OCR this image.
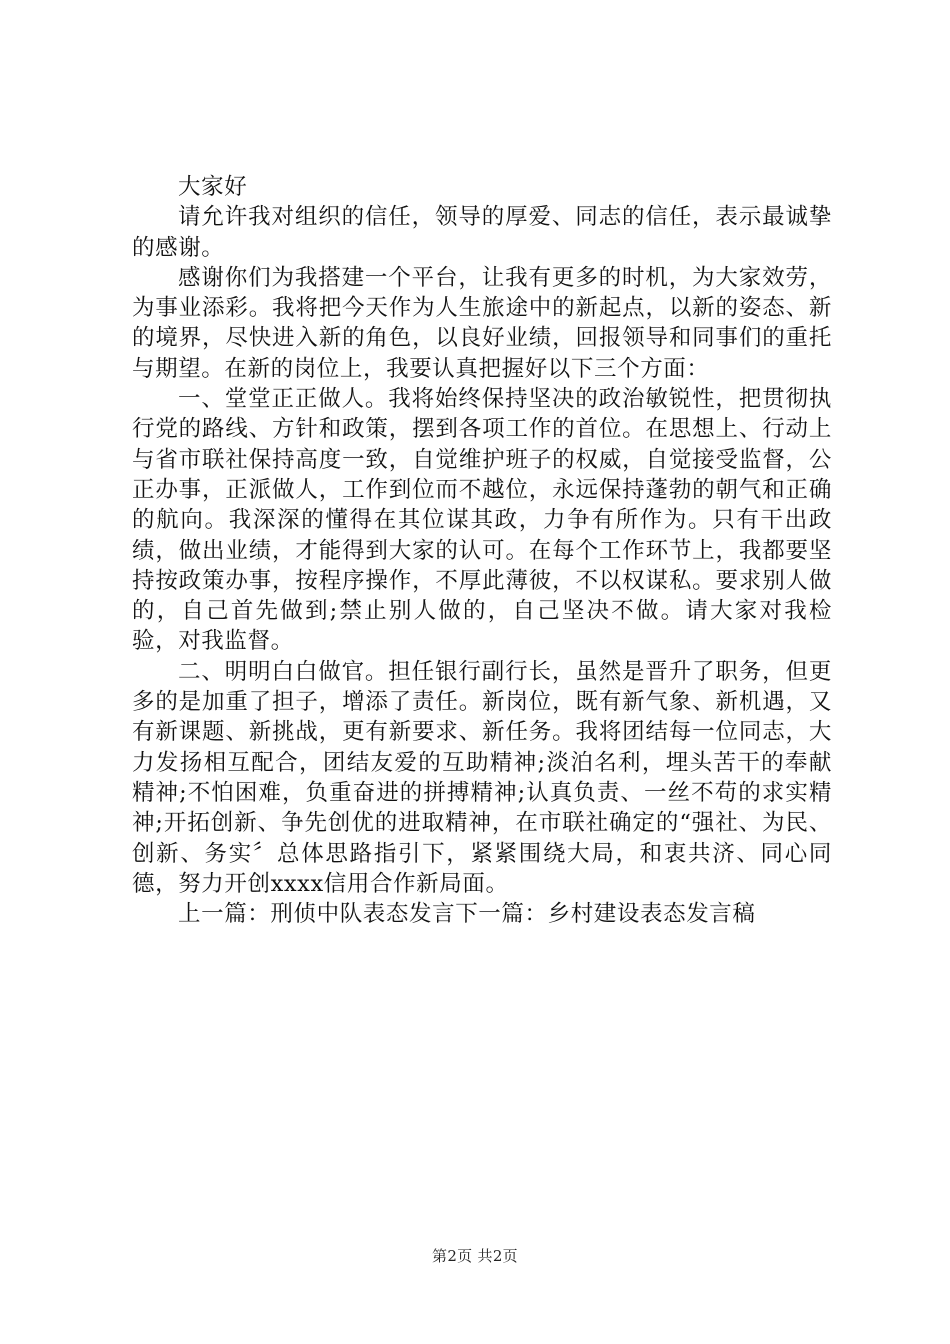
大家好

请允许我对组织的信任，领导的厚爱、同志的信任，表示最诚挚的感谢。

感谢你们为我搭建一个平台，让我有更多的时机，为大家效劳，为事业添彩。我将把今天作为人生旅途中的新起点，以新的姿态、新的境界，尽快进入新的角色，以良好业绩，回报领导和同事们的重托与期望。在新的岗位上，我要认真把握好以下三个方面：

一、堂堂正正做人。我将始终保持坚决的政治敏锐性，把贯彻执行党的路线、方针和政策，摆到各项工作的首位。在思想上、行动上与省市联社保持高度一致，自觉维护班子的权威，自觉接受监督，公正办事，正派做人，工作到位而不越位，永远保持蓬勃的朝气和正确的航向。我深深的懂得在其位谋其政，力争有所作为。只有干出政绩，做出业绩，才能得到大家的认可。在每个工作环节上，我都要坚持按政策办事，按程序操作，不厚此薄彼，不以权谋私。要求别人做的，自己首先做到;禁止别人做的，自己坚决不做。请大家对我检验，对我监督。

二、明明白白做官。担任银行副行长，虽然是晋升了职务，但更多的是加重了担子，增添了责任。新岗位，既有新气象、新机遇，又有新课题、新挑战，更有新要求、新任务。我将团结每一位同志，大力发扬相互配合，团结友爱的互助精神;淡泊名利，埋头苦干的奉献精神;不怕困难，负重奋进的拼搏精神;认真负责、一丝不苟的求实精神;开拓创新、争先创优的进取精神，在市联社确定的“强社、为民、创新、务实〞总体思路指引下，紧紧围绕大局，和衷共济、同心同德，努力开创xxxx信用合作新局面。

上一篇：刑侦中队表态发言下一篇：乡村建设表态发言稿

第2页 共2页
